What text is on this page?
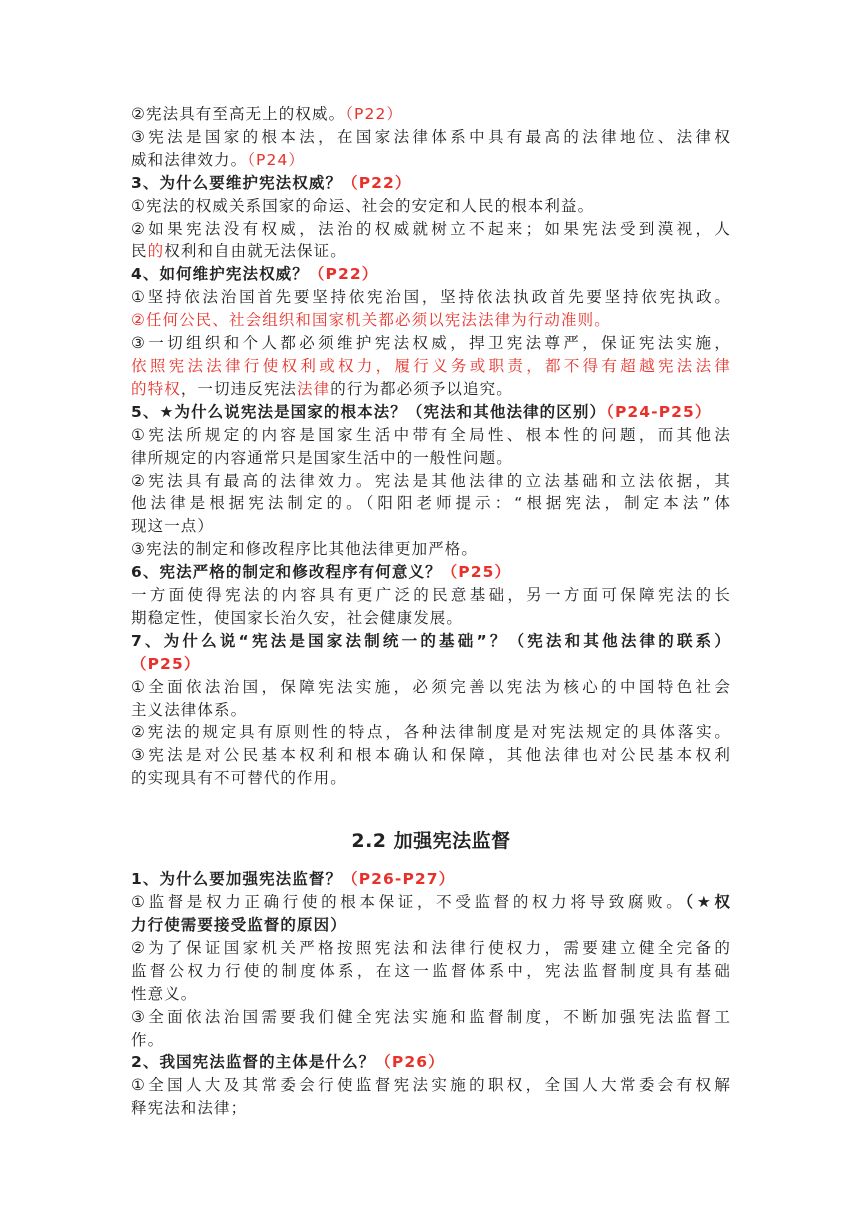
②宪法具有至高无上的权威。（P22）
③宪法是国家的根本法，在国家法律体系中具有最高的法律地位、法律权
威和法律效力。（P24）
3、为什么要维护宪法权威？（P22）
①宪法的权威关系国家的命运、社会的安定和人民的根本利益。
②如果宪法没有权威，法治的权威就树立不起来；如果宪法受到漠视，人
民的权利和自由就无法保证。
4、如何维护宪法权威？（P22）
①坚持依法治国首先要坚持依宪治国，坚持依法执政首先要坚持依宪执政。
②任何公民、社会组织和国家机关都必须以宪法法律为行动准则。
③一切组织和个人都必须维护宪法权威，捍卫宪法尊严，保证宪法实施，
依照宪法法律行使权利或权力，履行义务或职责，都不得有超越宪法法律
的特权，一切违反宪法法律的行为都必须予以追究。
5、★为什么说宪法是国家的根本法？（宪法和其他法律的区别）（P24-P25）
①宪法所规定的内容是国家生活中带有全局性、根本性的问题，而其他法
律所规定的内容通常只是国家生活中的一般性问题。
②宪法具有最高的法律效力。宪法是其他法律的立法基础和立法依据，其
他法律是根据宪法制定的。（阳阳老师提示：“根据宪法，制定本法”体
现这一点）
③宪法的制定和修改程序比其他法律更加严格。
6、宪法严格的制定和修改程序有何意义？（P25）
一方面使得宪法的内容具有更广泛的民意基础，另一方面可保障宪法的长
期稳定性，使国家长治久安，社会健康发展。
7、为什么说“宪法是国家法制统一的基础”？（宪法和其他法律的联系）
（P25）
①全面依法治国，保障宪法实施，必须完善以宪法为核心的中国特色社会
主义法律体系。
②宪法的规定具有原则性的特点，各种法律制度是对宪法规定的具体落实。
③宪法是对公民基本权利和根本确认和保障，其他法律也对公民基本权利
的实现具有不可替代的作用。
2.2 加强宪法监督
1、为什么要加强宪法监督？（P26-P27）
①监督是权力正确行使的根本保证，不受监督的权力将导致腐败。（★权
力行使需要接受监督的原因）
②为了保证国家机关严格按照宪法和法律行使权力，需要建立健全完备的
监督公权力行使的制度体系，在这一监督体系中，宪法监督制度具有基础
性意义。
③全面依法治国需要我们健全宪法实施和监督制度，不断加强宪法监督工
作。
2、我国宪法监督的主体是什么？（P26）
①全国人大及其常委会行使监督宪法实施的职权，全国人大常委会有权解
释宪法和法律；
